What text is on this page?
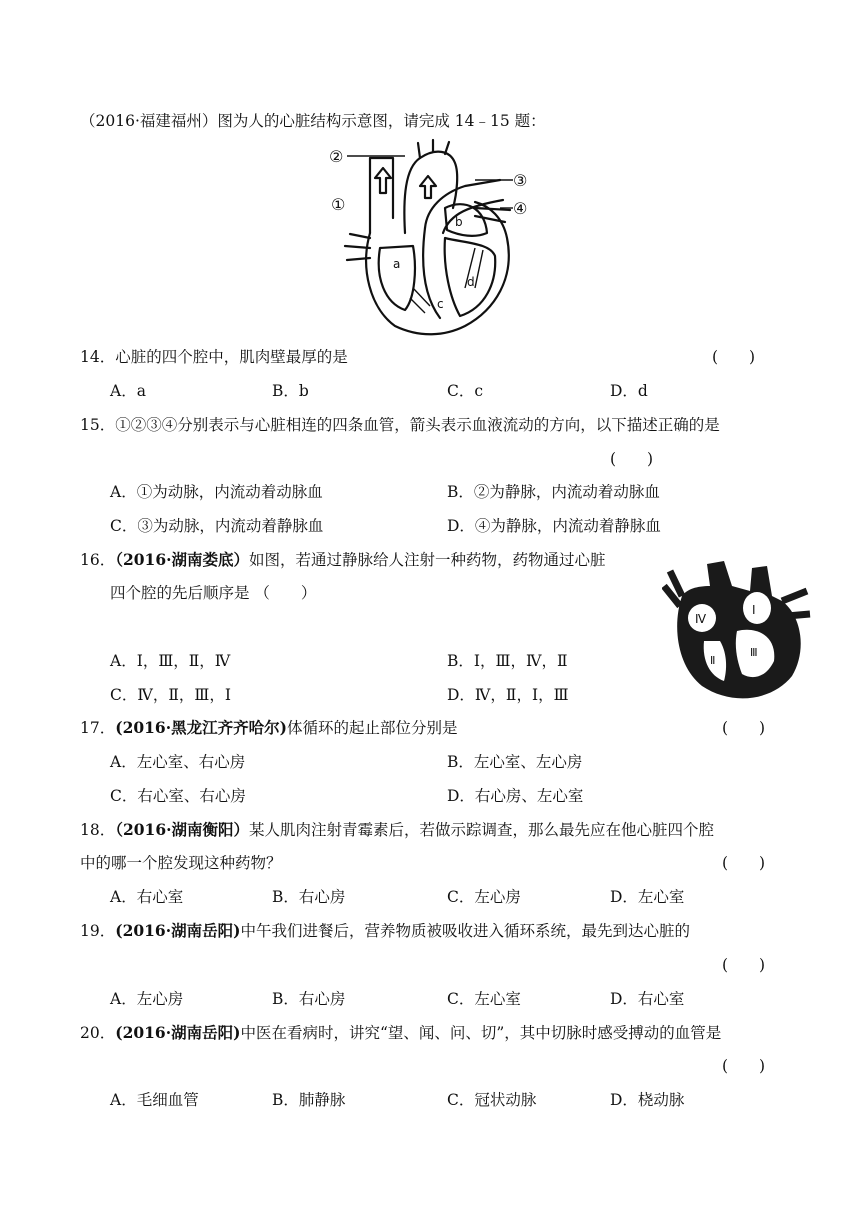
（2016·福建福州）图为人的心脏结构示意图，请完成 14﹣15 题：
a
b
c
d
②
①
③
④
14．心脏的四个腔中，肌肉壁最厚的是	(　　)
A．a	B．b	C．c	D．d
15．①②③④分别表示与心脏相连的四条血管，箭头表示血液流动的方向，以下描述正确的是
(　　)
A．①为动脉，内流动着动脉血	B．②为静脉，内流动着动脉血
C．③为动脉，内流动着静脉血	D．④为静脉，内流动着静脉血
16．（2016·湖南娄底）如图，若通过静脉给人注射一种药物，药物通过心脏
四个腔的先后顺序是 （　　）
A．Ⅰ，Ⅲ，Ⅱ，Ⅳ	B．Ⅰ，Ⅲ，Ⅳ，Ⅱ
C．Ⅳ，Ⅱ，Ⅲ，Ⅰ	D．Ⅳ，Ⅱ，Ⅰ，Ⅲ
Ⅳ
Ⅰ
Ⅱ
Ⅲ
17．(2016·黑龙江齐齐哈尔)体循环的起止部位分别是	(　　)
A．左心室、右心房	B．左心室、左心房
C．右心室、右心房	D．右心房、左心室
18．（2016·湖南衡阳）某人肌肉注射青霉素后，若做示踪调查，那么最先应在他心脏四个腔
中的哪一个腔发现这种药物？	(　　)
A．右心室	B．右心房	C．左心房	D．左心室
19．(2016·湖南岳阳)中午我们进餐后，营养物质被吸收进入循环系统，最先到达心脏的
(　　)
A．左心房	B．右心房	C．左心室	D．右心室
20．(2016·湖南岳阳)中医在看病时，讲究“望、闻、问、切”，其中切脉时感受搏动的血管是
(　　)
A．毛细血管	B．肺静脉	C．冠状动脉	D．桡动脉
